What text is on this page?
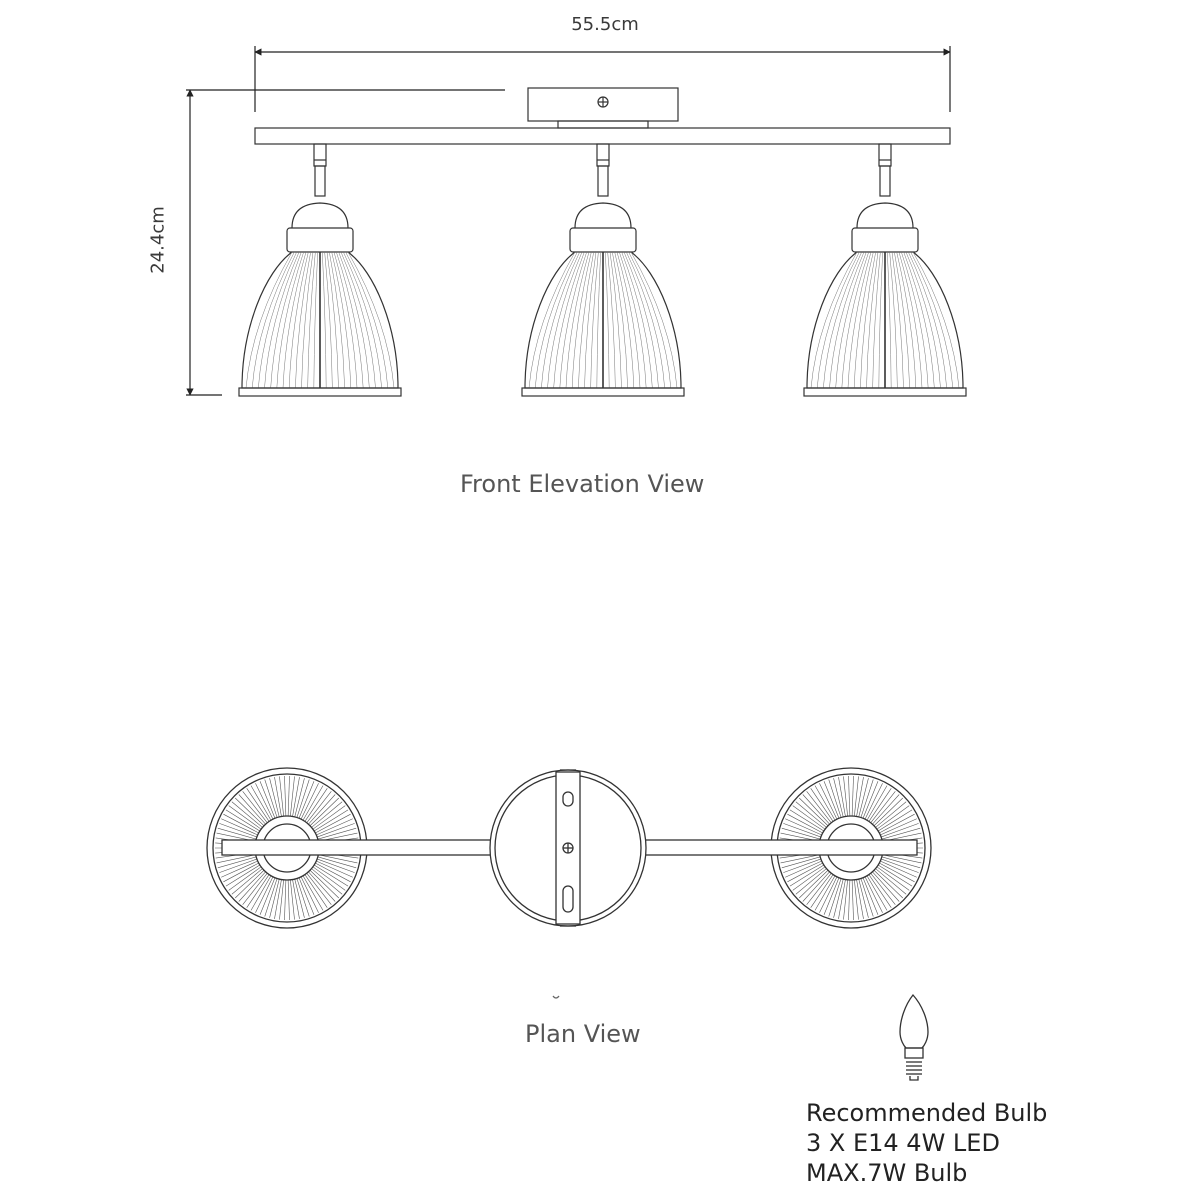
55.5cm
24.4cm
Front Elevation View
Plan View
Recommended Bulb
3 X E14 4W LED
MAX.7W Bulb
